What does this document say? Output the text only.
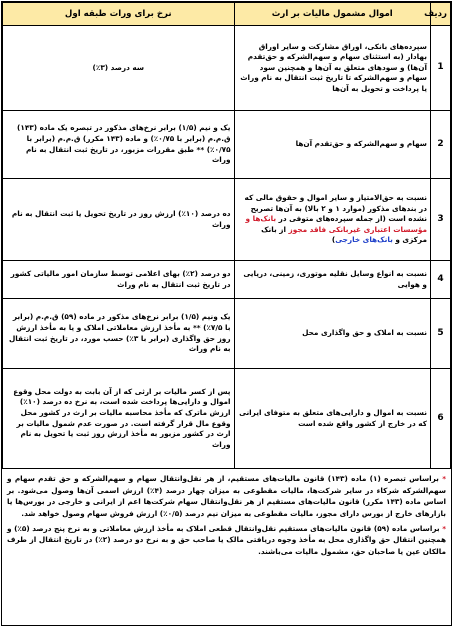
ردیف	اموال مشمول مالیات بر ارث	نرخ برای ورات طبقه اول
1	سپرده‌های بانکی، اوراق مشارکت و سایر اوراق بهادار (به استثنای سهام و سهم‌الشرکه و حق‌تقدم آن‌ها) و سودهای متعلق به آن‌ها و همچنین سود سهام و سهم‌الشرکه تا تاریخ ثبت انتقال به نام وراث یا پرداخت و تحویل به آن‌ها	سه درصد (۳٪)
2	سهام و سهم‌الشرکه و حق‌تقدم آن‌ها	یک و نیم (۱/۵) برابر نرخ‌های مذکور در تبصره یک ماده (۱۴۳) ق.م.م (برابر با ۰/۷۵٪) و ماده (۱۴۳ مکرر) ق.م.م (برابر با ۰/۷۵٪) ** طبق مقررات مزبور، در تاریخ ثبت انتقال به نام وراث
3	نسبت به حق‌الامتیاز و سایر اموال و حقوق مالی که در بندهای مذکور (موارد ۱ و ۲ بالا) به آن‌ها تصریح نشده است (از جمله سپرده‌های متوفی در بانک‌ها و مؤسسات اعتباری غیربانکی فاقد مجوز از بانک مرکزی و بانک‌های خارجی)	ده درصد (۱۰٪) ارزش روز در تاریخ تحویل یا ثبت انتقال به نام وراث
4	نسبت به انواع وسایل نقلیه موتوری، زمینی، دریایی و هوایی	دو درصد (۲٪) بهای اعلامی توسط سازمان امور مالیاتی کشور در تاریخ ثبت انتقال به نام وراث
5	نسبت به املاک و حق واگذاری محل	یک ونیم (۱/۵) برابر نرخ‌های مذکور در ماده (۵۹) ق.م.م (برابر با ۷/۵٪) ** به مأخذ ارزش معاملاتی املاک و یا به مأخذ ارزش روز حق واگذاری (برابر با ۳٪) حسب مورد، در تاریخ ثبت انتقال به نام وراث
6	نسبت به اموال و دارایی‌های متعلق به متوفای ایرانی که در خارج از کشور واقع شده است	پس از کسر مالیات بر ارثی که از آن بابت به دولت محل وقوع اموال و دارایی‌ها پرداخت شده است، به نرخ ده درصد (۱۰٪) ارزش ماترک که مأخذ محاسبه مالیات بر ارث در کشور محل وقوع مال قرار گرفته است. در صورت عدم شمول مالیات بر ارث در کشور مزبور به مأخذ ارزش روز ثبت یا تحویل به نام وراث

* براساس تبصره (۱) ماده (۱۴۳) قانون مالیات‌های مستقیم، از هر نقل‌وانتقال سهام و سهم‌الشرکه و حق تقدم سهام و سهم‌الشرکه شرکاء در سایر شرکت‌ها، مالیات مقطوعی به میزان چهار درصد (۴٪) ارزش اسمی آن‌ها وصول می‌شود. بر اساس ماده (۱۴۳ مکرر) قانون مالیات‌های مستقیم از هر نقل‌وانتقال سهام شرکت‌ها اعم از ایرانی و خارجی در بورس‌ها یا بازارهای خارج از بورس دارای مجوز، مالیات مقطوعی به میزان نیم درصد (۰/۵٪) ارزش فروش سهام وصول خواهد شد.

* براساس ماده (۵۹) قانون مالیات‌های مستقیم نقل‌وانتقال قطعی املاک به مأخذ ارزش معاملاتی و به نرخ پنج درصد (۵٪) و همچنین انتقال حق واگذاری محل به مأخذ وجوه دریافتی مالک یا صاحب حق و به نرخ دو درصد (۲٪) در تاریخ انتقال از طرف مالکان عین یا صاحبان حق، مشمول مالیات می‌باشند.
